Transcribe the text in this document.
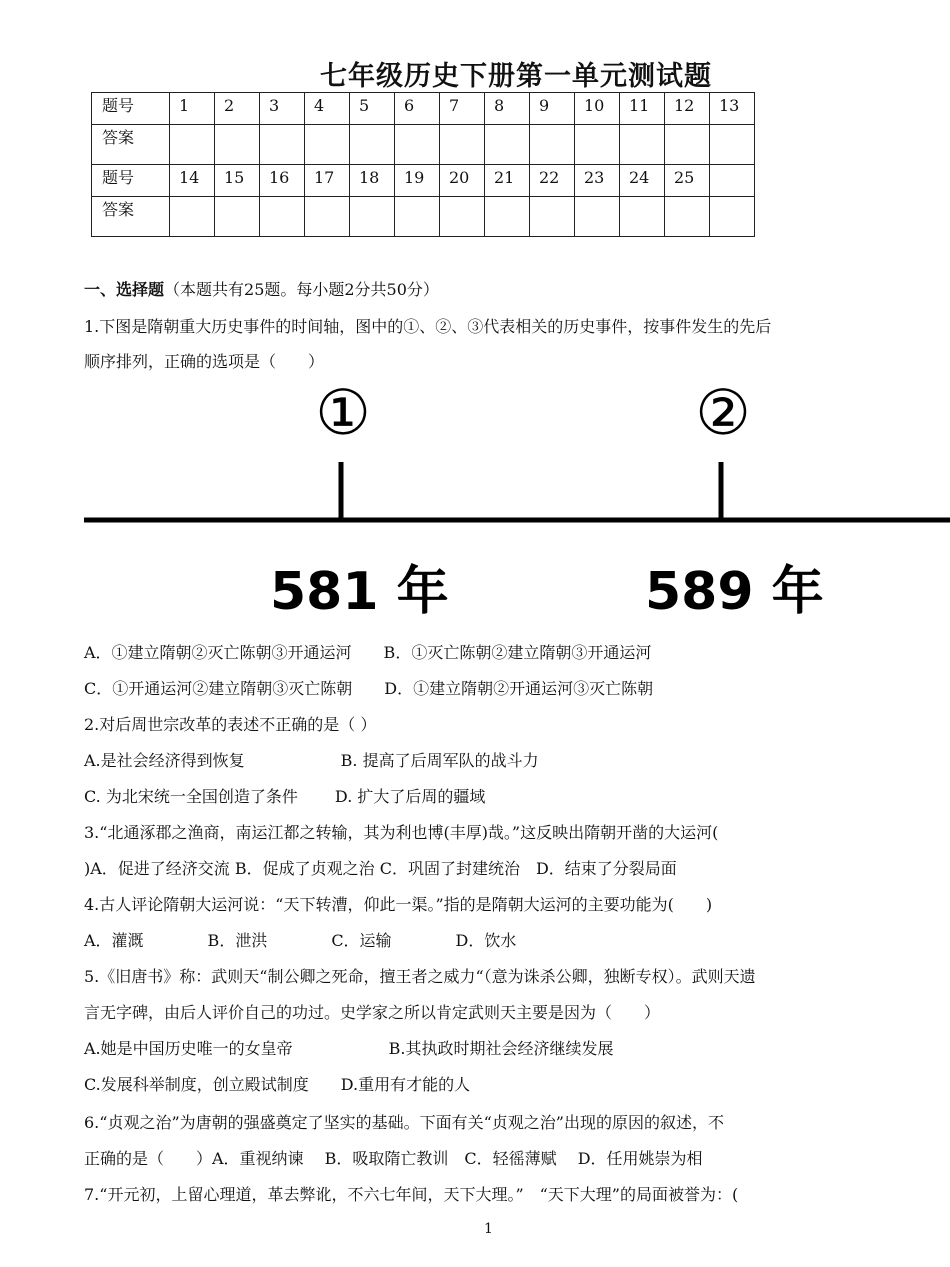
七年级历史下册第一单元测试题
题号	1	2	3	4	5	6	7	8	9	10	11	12	13
答案													
题号	14	15	16	17	18	19	20	21	22	23	24	25	
答案													
一、选择题（本题共有25题。每小题2分共50分）
1.下图是隋朝重大历史事件的时间轴，图中的①、②、③代表相关的历史事件，按事件发生的先后
顺序排列，正确的选项是（　　）
①	②
581 年	589 年
A．①建立隋朝②灭亡陈朝③开通运河　　B．①灭亡陈朝②建立隋朝③开通运河
C．①开通运河②建立隋朝③灭亡陈朝　　D．①建立隋朝②开通运河③灭亡陈朝
2.对后周世宗改革的表述不正确的是（ ）
A.是社会经济得到恢复　　　　　　B. 提高了后周军队的战斗力
C. 为北宋统一全国创造了条件　　 D. 扩大了后周的疆域
3.“北通涿郡之渔商，南运江都之转输，其为利也博(丰厚)哉。”这反映出隋朝开凿的大运河(
)A．促进了经济交流 B．促成了贞观之治 C．巩固了封建统治　D．结束了分裂局面
4.古人评论隋朝大运河说：“天下转漕，仰此一渠。”指的是隋朝大运河的主要功能为(　　)
A．灌溉　　　　B．泄洪　　　　C．运输　　　　D．饮水
5.《旧唐书》称：武则天“制公卿之死命，擅王者之威力“（意为诛杀公卿，独断专权）。武则天遗
言无字碑，由后人评价自己的功过。史学家之所以肯定武则天主要是因为（　　）
A.她是中国历史唯一的女皇帝　　　　　　B.其执政时期社会经济继续发展
C.发展科举制度，创立殿试制度　　D.重用有才能的人
6.“贞观之治”为唐朝的强盛奠定了坚实的基础。下面有关“贞观之治”出现的原因的叙述，不
正确的是（　　）A．重视纳谏　 B．吸取隋亡教训　C．轻徭薄赋　 D．任用姚崇为相
7.“开元初，上留心理道，革去弊讹，不六七年间，天下大理。”　“天下大理”的局面被誉为：(
1
